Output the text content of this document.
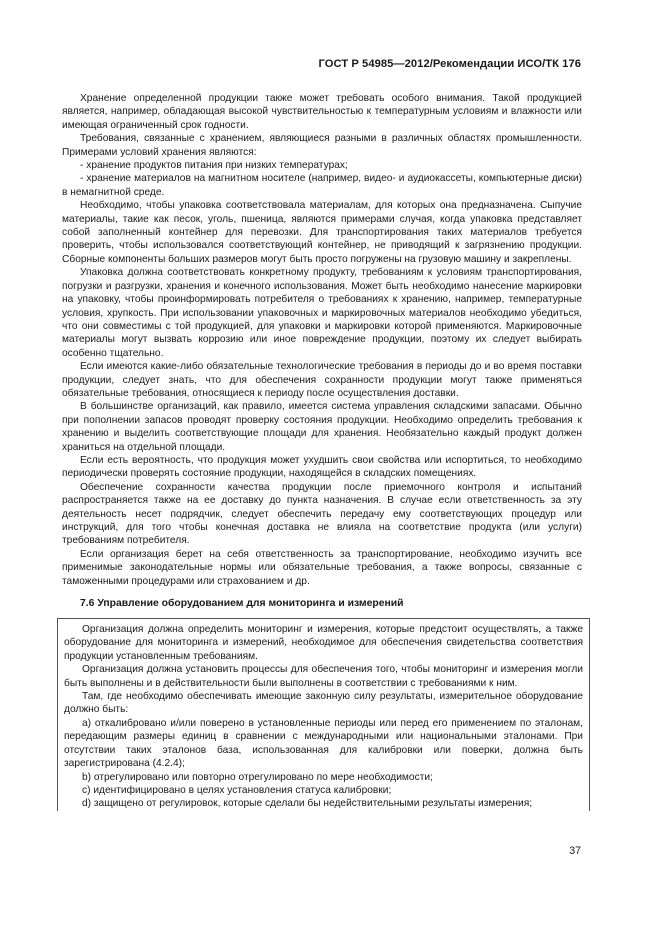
ГОСТ Р 54985—2012/Рекомендации ИСО/ТК 176

Хранение определенной продукции также может требовать особого внимания. Такой продукцией является, например, обладающая высокой чувствительностью к температурным условиям и влажности или имеющая ограниченный срок годности.

Требования, связанные с хранением, являющиеся разными в различных областях промышленности. Примерами условий хранения являются:

- хранение продуктов питания при низких температурах;

- хранение материалов на магнитном носителе (например, видео- и аудиокассеты, компьютерные диски) в немагнитной среде.

Необходимо, чтобы упаковка соответствовала материалам, для которых она предназначена. Сыпучие материалы, такие как песок, уголь, пшеница, являются примерами случая, когда упаковка представляет собой заполненный контейнер для перевозки. Для транспортирования таких материалов требуется проверить, чтобы использовался соответствующий контейнер, не приводящий к загрязнению продукции. Сборные компоненты больших размеров могут быть просто погружены на грузовую машину и закреплены.

Упаковка должна соответствовать конкретному продукту, требованиям к условиям транспортирования, погрузки и разгрузки, хранения и конечного использования. Может быть необходимо нанесение маркировки на упаковку, чтобы проинформировать потребителя о требованиях к хранению, например, температурные условия, хрупкость. При использовании упаковочных и маркировочных материалов необходимо убедиться, что они совместимы с той продукцией, для упаковки и маркировки которой применяются. Маркировочные материалы могут вызвать коррозию или иное повреждение продукции, поэтому их следует выбирать особенно тщательно.

Если имеются какие-либо обязательные технологические требования в периоды до и во время поставки продукции, следует знать, что для обеспечения сохранности продукции могут также применяться обязательные требования, относящиеся к периоду после осуществления доставки.

В большинстве организаций, как правило, имеется система управления складскими запасами. Обычно при пополнении запасов проводят проверку состояния продукции. Необходимо определить требования к хранению и выделить соответствующие площади для хранения. Необязательно каждый продукт должен храниться на отдельной площади.

Если есть вероятность, что продукция может ухудшить свои свойства или испортиться, то необходимо периодически проверять состояние продукции, находящейся в складских помещениях.

Обеспечение сохранности качества продукции после приемочного контроля и испытаний распространяется также на ее доставку до пункта назначения. В случае если ответственность за эту деятельность несет подрядчик, следует обеспечить передачу ему соответствующих процедур или инструкций, для того чтобы конечная доставка не влияла на соответствие продукта (или услуги) требованиям потребителя.

Если организация берет на себя ответственность за транспортирование, необходимо изучить все применимые законодательные нормы или обязательные требования, а также вопросы, связанные с таможенными процедурами или страхованием и др.

7.6 Управление оборудованием для мониторинга и измерений

Организация должна определить мониторинг и измерения, которые предстоит осуществлять, а также оборудование для мониторинга и измерений, необходимое для обеспечения свидетельства соответствия продукции установленным требованиям.

Организация должна установить процессы для обеспечения того, чтобы мониторинг и измерения могли быть выполнены и в действительности были выполнены в соответствии с требованиями к ним.

Там, где необходимо обеспечивать имеющие законную силу результаты, измерительное оборудование должно быть:

а) откалибровано и/или поверено в установленные периоды или перед его применением по эталонам, передающим размеры единиц в сравнении с международными или национальными эталонами. При отсутствии таких эталонов база, использованная для калибровки или поверки, должна быть зарегистрирована (4.2.4);

b) отрегулировано или повторно отрегулировано по мере необходимости;

с) идентифицировано в целях установления статуса калибровки;

d) защищено от регулировок, которые сделали бы недействительными результаты измерения;

37
